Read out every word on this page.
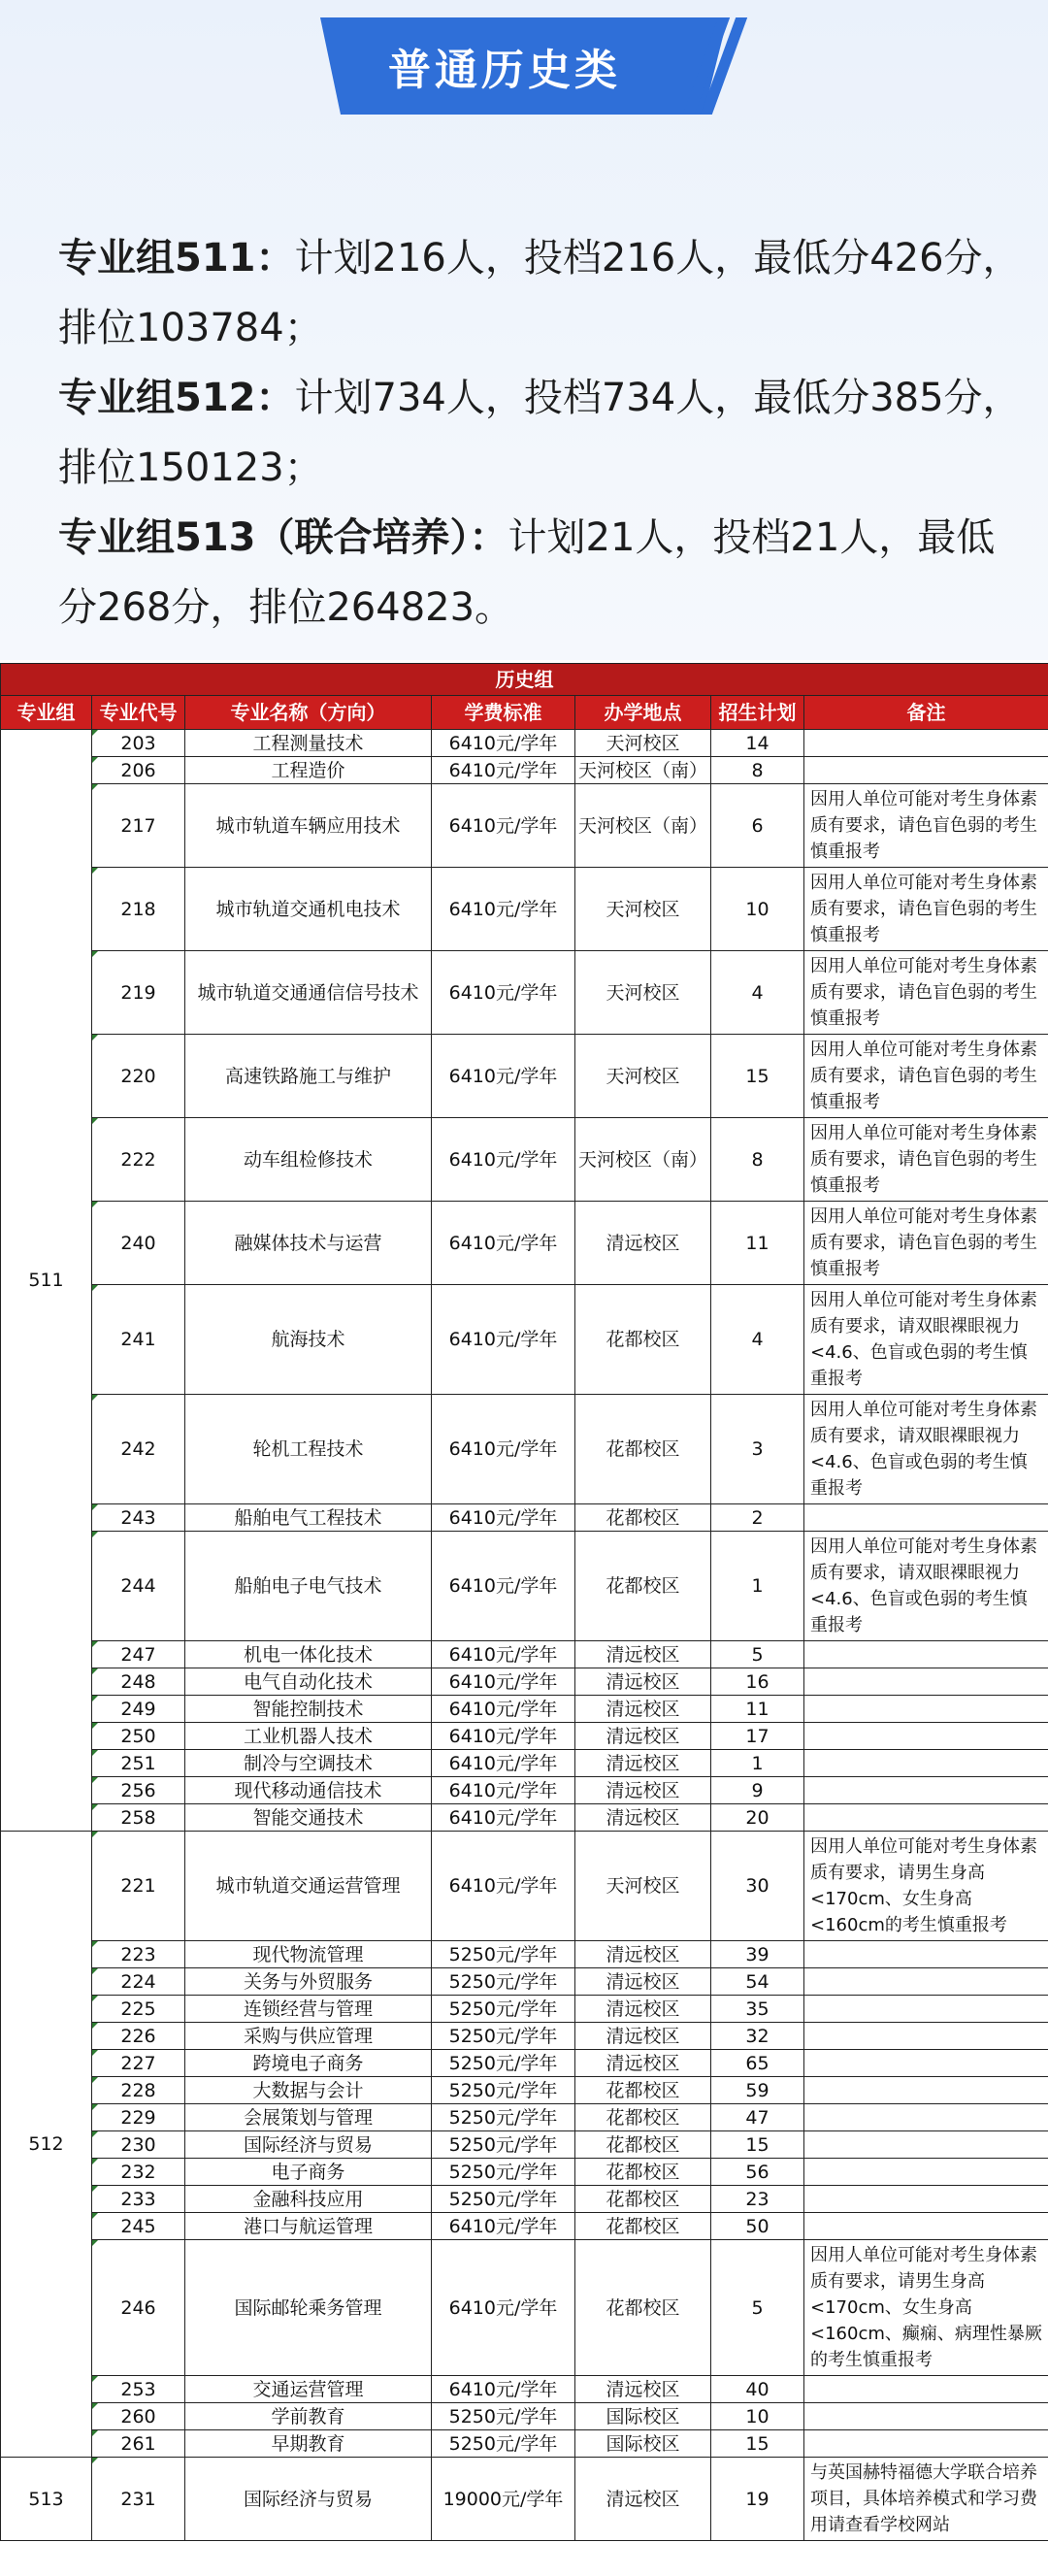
普通历史类

专业组511：计划216人，投档216人，最低分426分，排位103784；

专业组512：计划734人，投档734人，最低分385分，排位150123；

专业组513（联合培养）：计划21人，投档21人，最低分268分，排位264823。

历史组						
专业组	专业代号	专业名称（方向）	学费标准	办学地点	招生计划	备注
511	203	工程测量技术	6410元/学年	天河校区	14	
	206	工程造价	6410元/学年	天河校区（南）	8	
	217	城市轨道车辆应用技术	6410元/学年	天河校区（南）	6	因用人单位可能对考生身体素质有要求，请色盲色弱的考生慎重报考
	218	城市轨道交通机电技术	6410元/学年	天河校区	10	因用人单位可能对考生身体素质有要求，请色盲色弱的考生慎重报考
	219	城市轨道交通通信信号技术	6410元/学年	天河校区	4	因用人单位可能对考生身体素质有要求，请色盲色弱的考生慎重报考
	220	高速铁路施工与维护	6410元/学年	天河校区	15	因用人单位可能对考生身体素质有要求，请色盲色弱的考生慎重报考
	222	动车组检修技术	6410元/学年	天河校区（南）	8	因用人单位可能对考生身体素质有要求，请色盲色弱的考生慎重报考
	240	融媒体技术与运营	6410元/学年	清远校区	11	因用人单位可能对考生身体素质有要求，请色盲色弱的考生慎重报考
	241	航海技术	6410元/学年	花都校区	4	因用人单位可能对考生身体素质有要求，请双眼裸眼视力<4.6、色盲或色弱的考生慎重报考
	242	轮机工程技术	6410元/学年	花都校区	3	因用人单位可能对考生身体素质有要求，请双眼裸眼视力<4.6、色盲或色弱的考生慎重报考
	243	船舶电气工程技术	6410元/学年	花都校区	2	
	244	船舶电子电气技术	6410元/学年	花都校区	1	因用人单位可能对考生身体素质有要求，请双眼裸眼视力<4.6、色盲或色弱的考生慎重报考
	247	机电一体化技术	6410元/学年	清远校区	5	
	248	电气自动化技术	6410元/学年	清远校区	16	
	249	智能控制技术	6410元/学年	清远校区	11	
	250	工业机器人技术	6410元/学年	清远校区	17	
	251	制冷与空调技术	6410元/学年	清远校区	1	
	256	现代移动通信技术	6410元/学年	清远校区	9	
	258	智能交通技术	6410元/学年	清远校区	20	
512	221	城市轨道交通运营管理	6410元/学年	天河校区	30	因用人单位可能对考生身体素质有要求，请男生身高<170cm、女生身高<160cm的考生慎重报考
	223	现代物流管理	5250元/学年	清远校区	39	
	224	关务与外贸服务	5250元/学年	清远校区	54	
	225	连锁经营与管理	5250元/学年	清远校区	35	
	226	采购与供应管理	5250元/学年	清远校区	32	
	227	跨境电子商务	5250元/学年	清远校区	65	
	228	大数据与会计	5250元/学年	花都校区	59	
	229	会展策划与管理	5250元/学年	花都校区	47	
	230	国际经济与贸易	5250元/学年	花都校区	15	
	232	电子商务	5250元/学年	花都校区	56	
	233	金融科技应用	5250元/学年	花都校区	23	
	245	港口与航运管理	6410元/学年	花都校区	50	
	246	国际邮轮乘务管理	6410元/学年	花都校区	5	因用人单位可能对考生身体素质有要求，请男生身高<170cm、女生身高<160cm、癫痫、病理性暴厥的考生慎重报考
	253	交通运营管理	6410元/学年	清远校区	40	
	260	学前教育	5250元/学年	国际校区	10	
	261	早期教育	5250元/学年	国际校区	15	
513	231	国际经济与贸易	19000元/学年	清远校区	19	与英国赫特福德大学联合培养项目，具体培养模式和学习费用请查看学校网站
